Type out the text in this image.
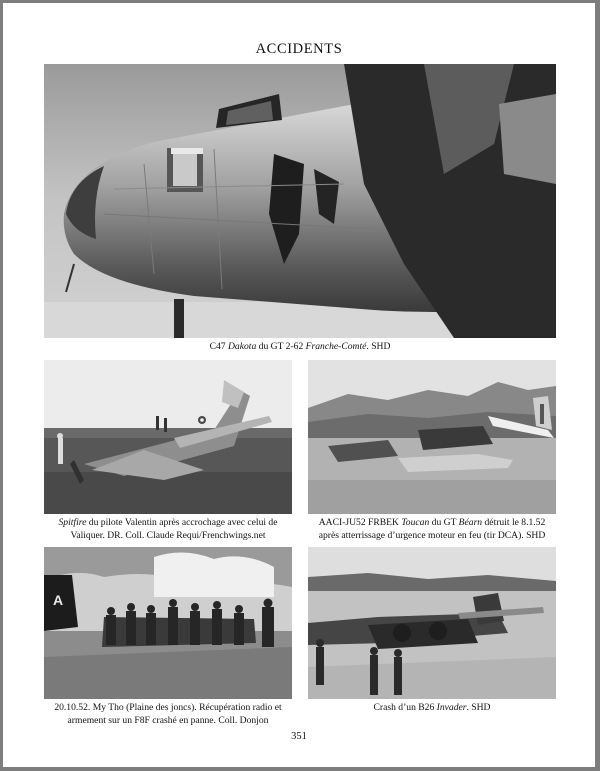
ACCIDENTS

C47 Dakota du GT 2-62 Franche-Comté. SHD

Spitfire du pilote Valentin après accrochage avec celui de

Valiquer. DR. Coll. Claude Requi/Frenchwings.net

AACI-JU52 FRBEK Toucan du GT Béarn détruit le 8.1.52

après atterrissage d’urgence moteur en feu (tir DCA). SHD

A

20.10.52. My Tho (Plaine des joncs). Récupération radio et

armement sur un F8F crashé en panne. Coll. Donjon

Crash d’un B26 Invader. SHD

351
